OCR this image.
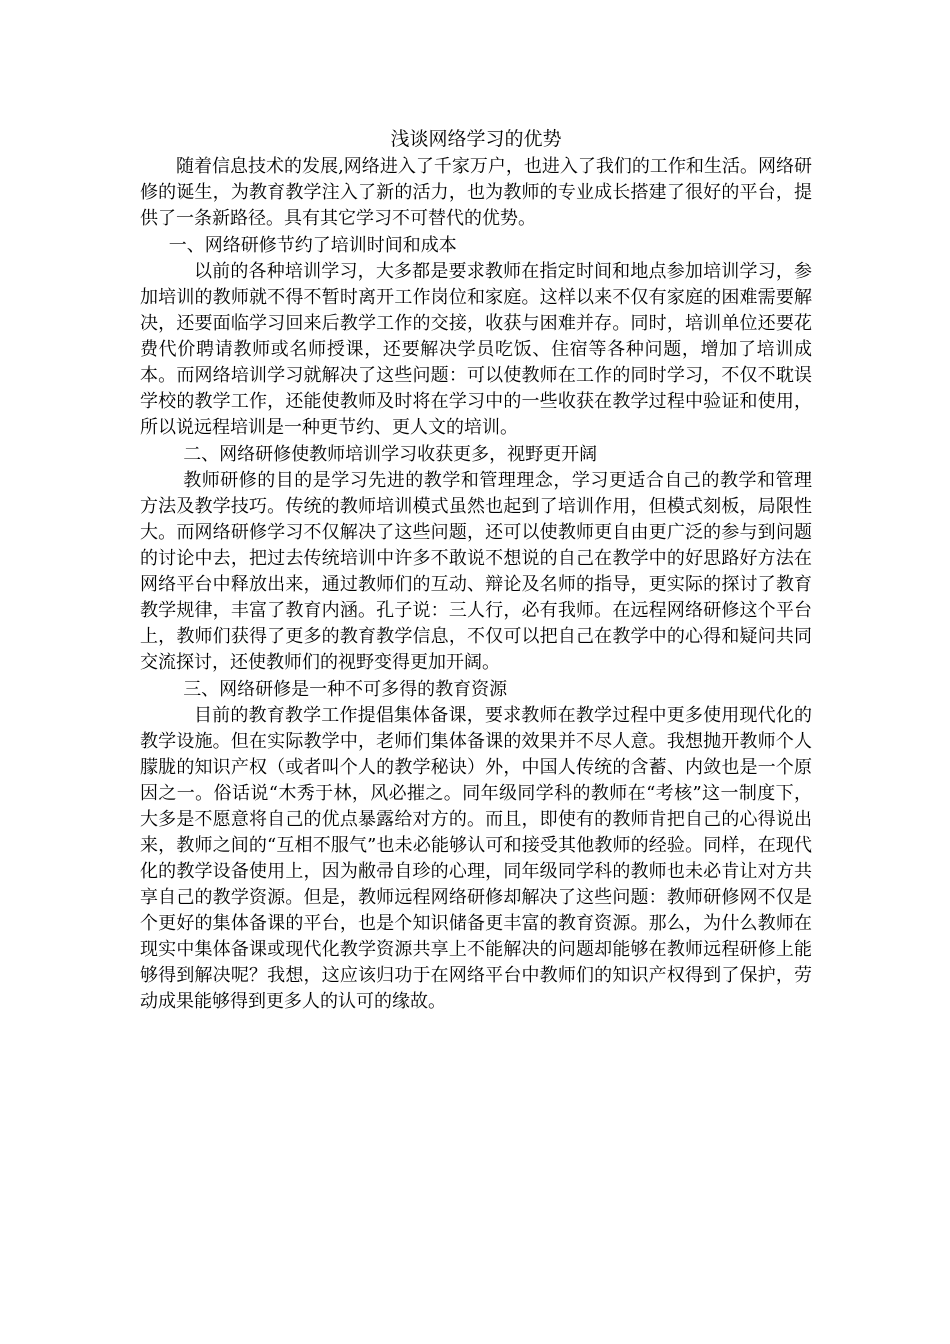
浅谈网络学习的优势

随着信息技术的发展,网络进入了千家万户，也进入了我们的工作和生活。网络研修的诞生，为教育教学注入了新的活力，也为教师的专业成长搭建了很好的平台，提供了一条新路径。具有其它学习不可替代的优势。

一、网络研修节约了培训时间和成本

以前的各种培训学习，大多都是要求教师在指定时间和地点参加培训学习，参加培训的教师就不得不暂时离开工作岗位和家庭。这样以来不仅有家庭的困难需要解决，还要面临学习回来后教学工作的交接，收获与困难并存。同时，培训单位还要花费代价聘请教师或名师授课，还要解决学员吃饭、住宿等各种问题，增加了培训成本。而网络培训学习就解决了这些问题：可以使教师在工作的同时学习，不仅不耽误学校的教学工作，还能使教师及时将在学习中的一些收获在教学过程中验证和使用，所以说远程培训是一种更节约、更人文的培训。

二、网络研修使教师培训学习收获更多，视野更开阔

教师研修的目的是学习先进的教学和管理理念，学习更适合自己的教学和管理方法及教学技巧。传统的教师培训模式虽然也起到了培训作用，但模式刻板，局限性大。而网络研修学习不仅解决了这些问题，还可以使教师更自由更广泛的参与到问题的讨论中去，把过去传统培训中许多不敢说不想说的自己在教学中的好思路好方法在网络平台中释放出来，通过教师们的互动、辩论及名师的指导，更实际的探讨了教育教学规律，丰富了教育内涵。孔子说：三人行，必有我师。在远程网络研修这个平台上，教师们获得了更多的教育教学信息，不仅可以把自己在教学中的心得和疑问共同交流探讨，还使教师们的视野变得更加开阔。

三、网络研修是一种不可多得的教育资源

目前的教育教学工作提倡集体备课，要求教师在教学过程中更多使用现代化的教学设施。但在实际教学中，老师们集体备课的效果并不尽人意。我想抛开教师个人朦胧的知识产权（或者叫个人的教学秘诀）外，中国人传统的含蓄、内敛也是一个原因之一。俗话说“木秀于林，风必摧之。同年级同学科的教师在“考核”这一制度下，大多是不愿意将自己的优点暴露给对方的。而且，即使有的教师肯把自己的心得说出来，教师之间的“互相不服气”也未必能够认可和接受其他教师的经验。同样，在现代化的教学设备使用上，因为敝帚自珍的心理，同年级同学科的教师也未必肯让对方共享自己的教学资源。但是，教师远程网络研修却解决了这些问题：教师研修网不仅是个更好的集体备课的平台，也是个知识储备更丰富的教育资源。那么，为什么教师在现实中集体备课或现代化教学资源共享上不能解决的问题却能够在教师远程研修上能够得到解决呢？我想，这应该归功于在网络平台中教师们的知识产权得到了保护，劳动成果能够得到更多人的认可的缘故。
